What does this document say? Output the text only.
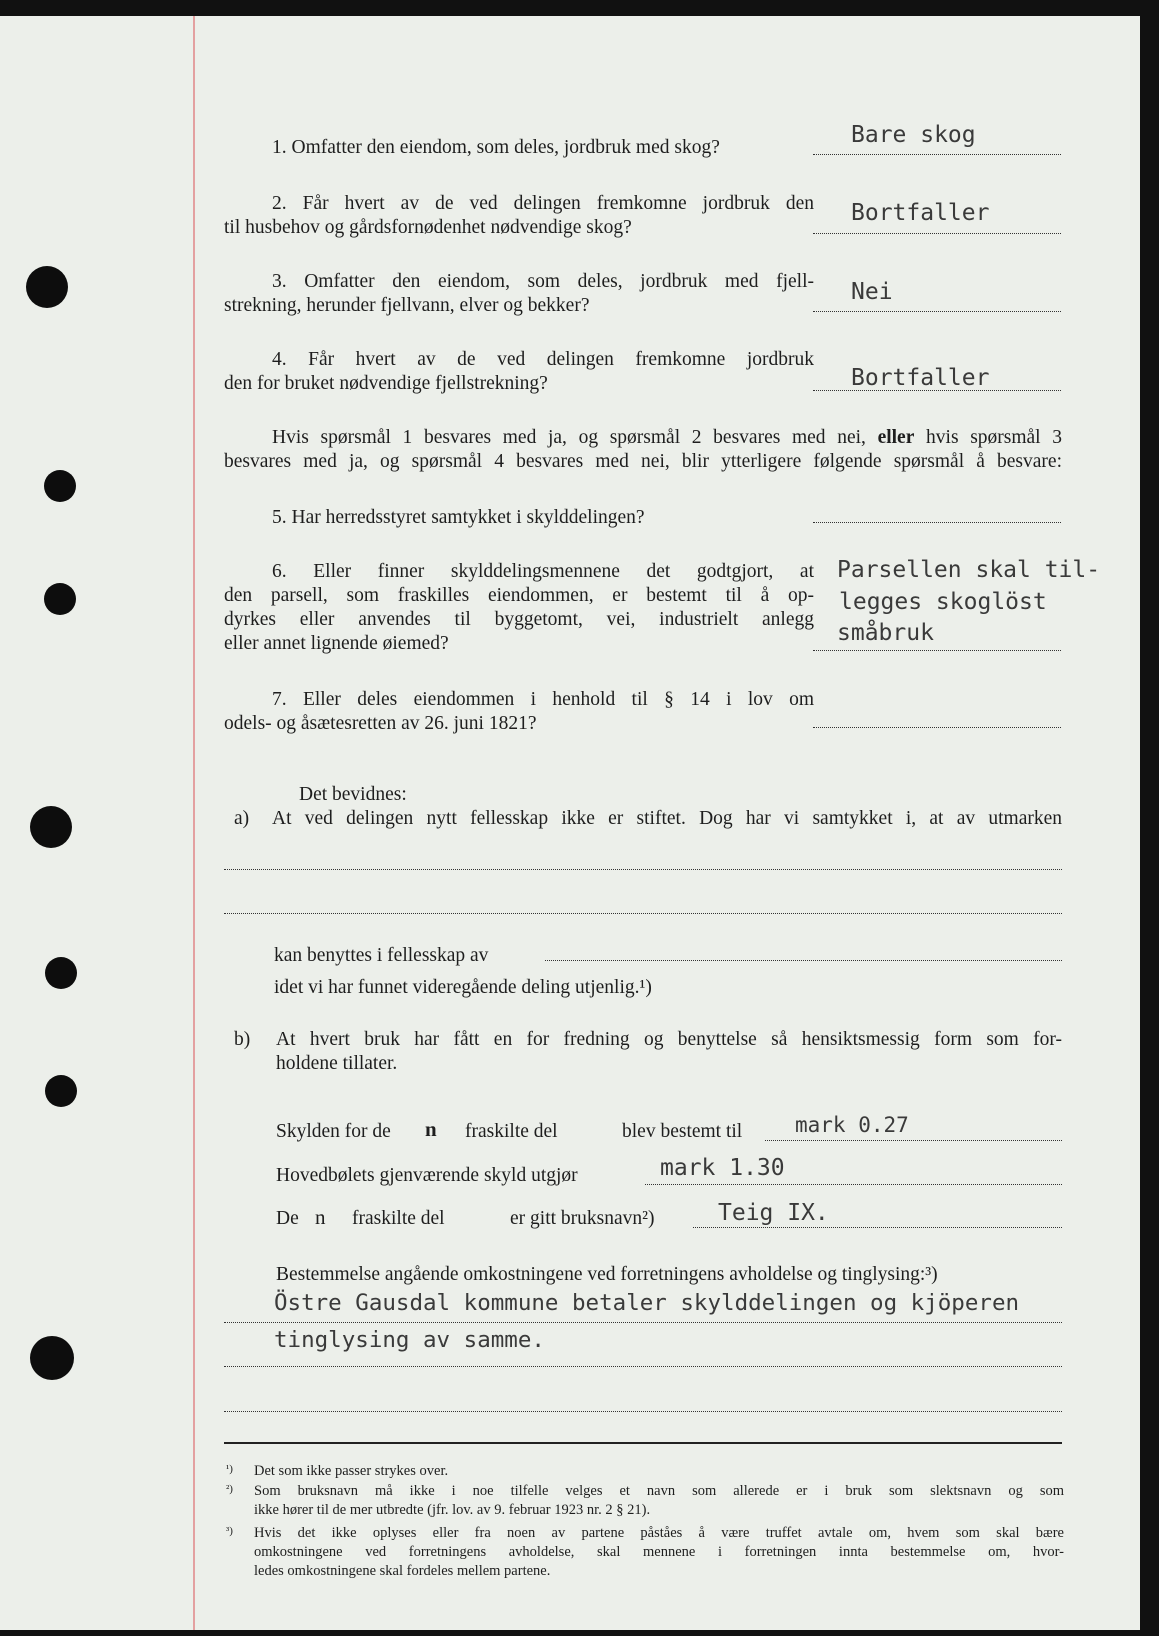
1. Omfatter den eiendom, som deles, jordbruk med skog?	Bare skog
2. Får hvert av de ved delingen fremkomne jordbruk den
til husbehov og gårdsfornødenhet nødvendige skog?
Bortfaller
3. Omfatter den eiendom, som deles, jordbruk med fjell-
strekning, herunder fjellvann, elver og bekker?
Nei
4. Får hvert av de ved delingen fremkomne jordbruk
den for bruket nødvendige fjellstrekning?	Bortfaller
Hvis spørsmål 1 besvares med ja, og spørsmål 2 besvares med nei, eller hvis spørsmål 3
besvares med ja, og spørsmål 4 besvares med nei, blir ytterligere følgende spørsmål å besvare:
5. Har herredsstyret samtykket i skylddelingen?
6. Eller finner skylddelingsmennene det godtgjort, at
den parsell, som fraskilles eiendommen, er bestemt til å op-
dyrkes eller anvendes til byggetomt, vei, industrielt anlegg
eller annet lignende øiemed?
Parsellen skal til-
legges skoglöst
småbruk
7. Eller deles eiendommen i henhold til § 14 i lov om
odels- og åsætesretten av 26. juni 1821?
Det bevidnes:
a) At ved delingen nytt fellesskap ikke er stiftet. Dog har vi samtykket i, at av utmarken
kan benyttes i fellesskap av
idet vi har funnet videregående deling utjenlig.¹)
b) At hvert bruk har fått en for fredning og benyttelse så hensiktsmessig form som for-
holdene tillater.
Skylden for de n fraskilte del	blev bestemt til	mark 0.27
Hovedbølets gjenværende skyld utgjør	mark 1.30
De n fraskilte del	er gitt bruksnavn²)	Teig IX.
Bestemmelse angående omkostningene ved forretningens avholdelse og tinglysing:³)
Östre Gausdal kommune betaler skylddelingen og kjöperen
tinglysing av samme.
¹) Det som ikke passer strykes over.
²) Som bruksnavn må ikke i noe tilfelle velges et navn som allerede er i bruk som slektsnavn og som
ikke hører til de mer utbredte (jfr. lov. av 9. februar 1923 nr. 2 § 21).
³) Hvis det ikke oplyses eller fra noen av partene påståes å være truffet avtale om, hvem som skal bære
omkostningene ved forretningens avholdelse, skal mennene i forretningen innta bestemmelse om, hvor-
ledes omkostningene skal fordeles mellem partene.
